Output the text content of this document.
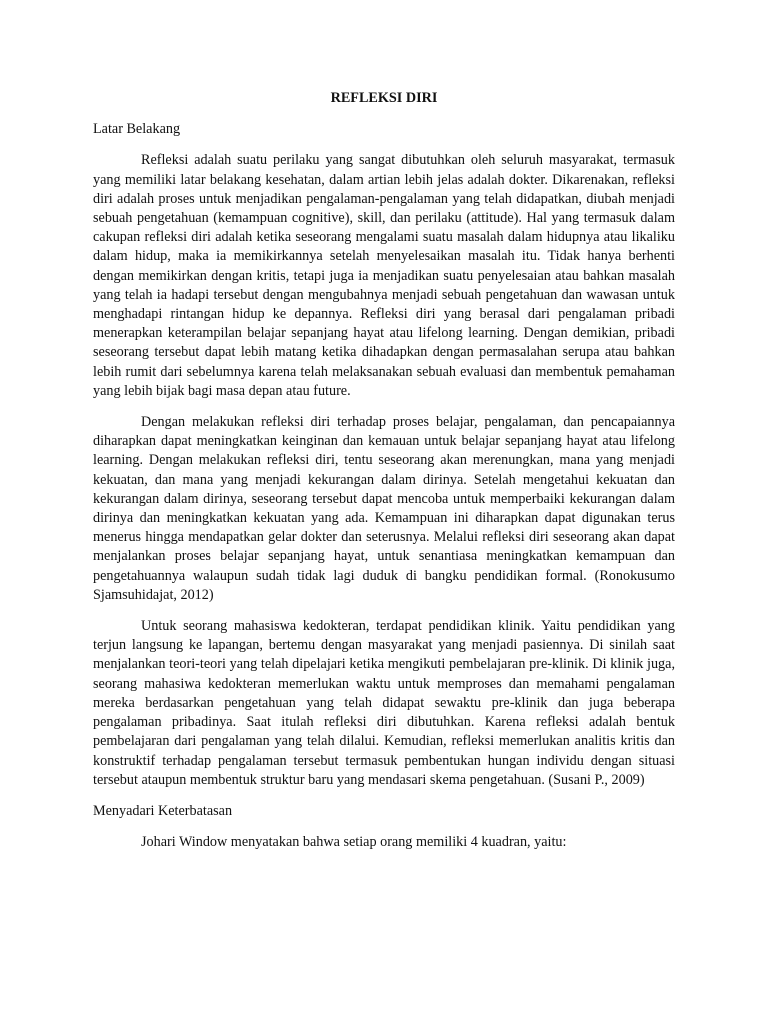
REFLEKSI DIRI
Latar Belakang

Refleksi adalah suatu perilaku yang sangat dibutuhkan oleh seluruh masyarakat, termasuk yang memiliki latar belakang kesehatan, dalam artian lebih jelas adalah dokter. Dikarenakan, refleksi diri adalah proses untuk menjadikan pengalaman-pengalaman yang telah didapatkan, diubah menjadi sebuah pengetahuan (kemampuan cognitive), skill, dan perilaku (attitude). Hal yang termasuk dalam cakupan refleksi diri adalah ketika seseorang mengalami suatu masalah dalam hidupnya atau likaliku dalam hidup, maka ia memikirkannya setelah menyelesaikan masalah itu. Tidak hanya berhenti dengan memikirkan dengan kritis, tetapi juga ia menjadikan suatu penyelesaian atau bahkan masalah yang telah ia hadapi tersebut dengan mengubahnya menjadi sebuah pengetahuan dan wawasan untuk menghadapi rintangan hidup ke depannya. Refleksi diri yang berasal dari pengalaman pribadi menerapkan keterampilan belajar sepanjang hayat atau lifelong learning. Dengan demikian, pribadi seseorang tersebut dapat lebih matang ketika dihadapkan dengan permasalahan serupa atau bahkan lebih rumit dari sebelumnya karena telah melaksanakan sebuah evaluasi dan membentuk pemahaman yang lebih bijak bagi masa depan atau future.

Dengan melakukan refleksi diri terhadap proses belajar, pengalaman, dan pencapaiannya diharapkan dapat meningkatkan keinginan dan kemauan untuk belajar sepanjang hayat atau lifelong learning. Dengan melakukan refleksi diri, tentu seseorang akan merenungkan, mana yang menjadi kekuatan, dan mana yang menjadi kekurangan dalam dirinya. Setelah mengetahui kekuatan dan kekurangan dalam dirinya, seseorang tersebut dapat mencoba untuk memperbaiki kekurangan dalam dirinya dan meningkatkan kekuatan yang ada. Kemampuan ini diharapkan dapat digunakan terus menerus hingga mendapatkan gelar dokter dan seterusnya. Melalui refleksi diri seseorang akan dapat menjalankan proses belajar sepanjang hayat, untuk senantiasa meningkatkan kemampuan dan pengetahuannya walaupun sudah tidak lagi duduk di bangku pendidikan formal. (Ronokusumo Sjamsuhidajat, 2012)

Untuk seorang mahasiswa kedokteran, terdapat pendidikan klinik. Yaitu pendidikan yang terjun langsung ke lapangan, bertemu dengan masyarakat yang menjadi pasiennya. Di sinilah saat menjalankan teori-teori yang telah dipelajari ketika mengikuti pembelajaran pre-klinik. Di klinik juga, seorang mahasiwa kedokteran memerlukan waktu untuk memproses dan memahami pengalaman mereka berdasarkan pengetahuan yang telah didapat sewaktu pre-klinik dan juga beberapa pengalaman pribadinya. Saat itulah refleksi diri dibutuhkan. Karena refleksi adalah bentuk pembelajaran dari pengalaman yang telah dilalui. Kemudian, refleksi memerlukan analitis kritis dan konstruktif terhadap pengalaman tersebut termasuk pembentukan hungan individu dengan situasi tersebut ataupun membentuk struktur baru yang mendasari skema pengetahuan. (Susani P., 2009)

Menyadari Keterbatasan

Johari Window menyatakan bahwa setiap orang memiliki 4 kuadran, yaitu:
